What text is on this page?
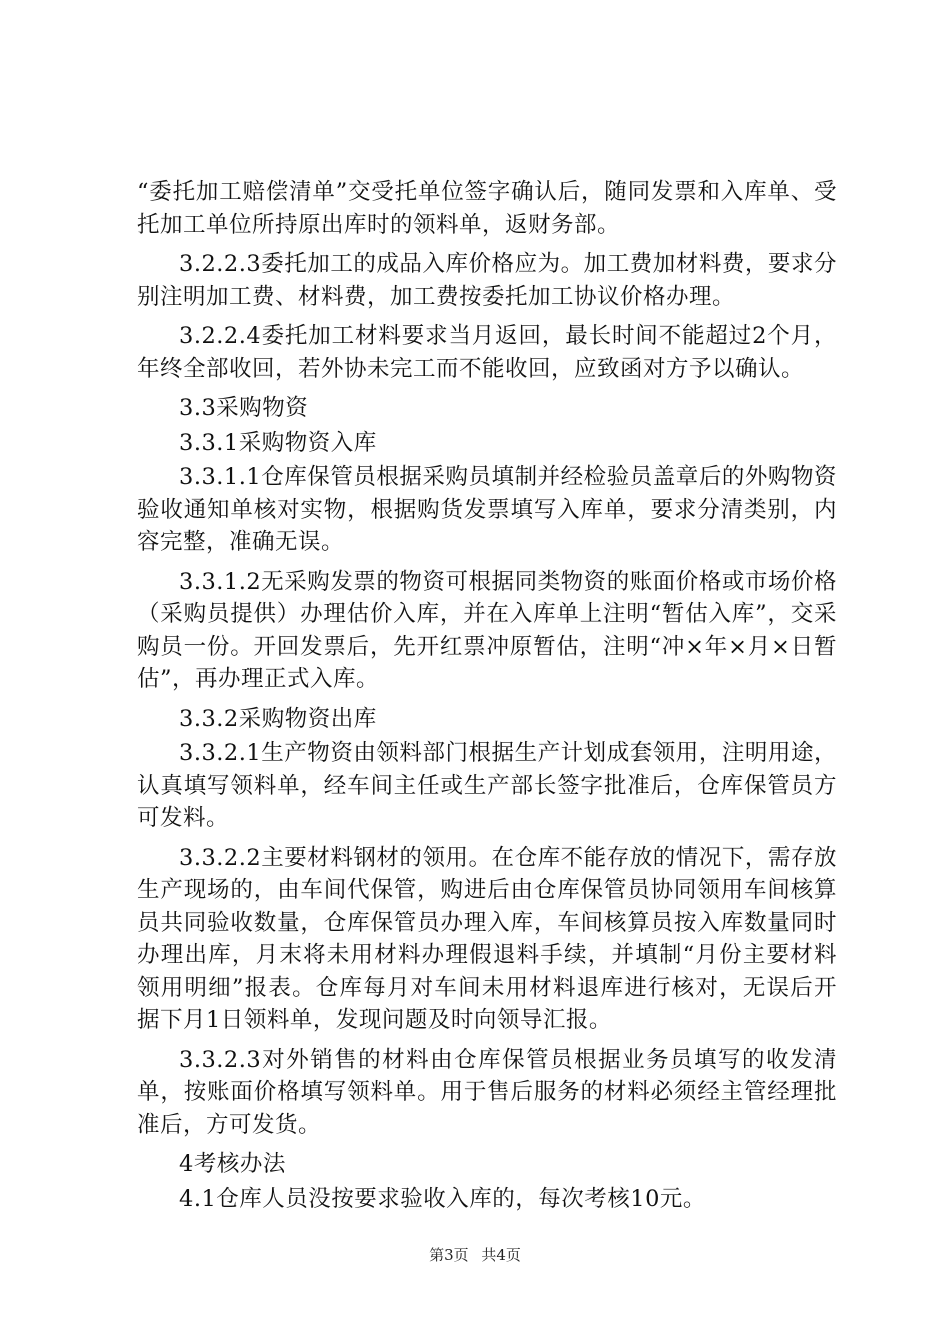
“委托加工赔偿清单”交受托单位签字确认后，随同发票和入库单、受托加工单位所持原出库时的领料单，返财务部。

3.2.2.3委托加工的成品入库价格应为。加工费加材料费，要求分别注明加工费、材料费，加工费按委托加工协议价格办理。

3.2.2.4委托加工材料要求当月返回，最长时间不能超过2个月，年终全部收回，若外协未完工而不能收回，应致函对方予以确认。

3.3采购物资

3.3.1采购物资入库

3.3.1.1仓库保管员根据采购员填制并经检验员盖章后的外购物资验收通知单核对实物，根据购货发票填写入库单，要求分清类别，内容完整，准确无误。

3.3.1.2无采购发票的物资可根据同类物资的账面价格或市场价格（采购员提供）办理估价入库，并在入库单上注明“暂估入库”，交采购员一份。开回发票后，先开红票冲原暂估，注明“冲×年×月×日暂估”，再办理正式入库。

3.3.2采购物资出库

3.3.2.1生产物资由领料部门根据生产计划成套领用，注明用途，认真填写领料单，经车间主任或生产部长签字批准后，仓库保管员方可发料。

3.3.2.2主要材料钢材的领用。在仓库不能存放的情况下，需存放生产现场的，由车间代保管，购进后由仓库保管员协同领用车间核算员共同验收数量，仓库保管员办理入库，车间核算员按入库数量同时办理出库，月末将未用材料办理假退料手续，并填制“月份主要材料领用明细”报表。仓库每月对车间未用材料退库进行核对，无误后开据下月1日领料单，发现问题及时向领导汇报。

3.3.2.3对外销售的材料由仓库保管员根据业务员填写的收发清单，按账面价格填写领料单。用于售后服务的材料必须经主管经理批准后，方可发货。

4考核办法

4.1仓库人员没按要求验收入库的，每次考核10元。

第3页 共4页
